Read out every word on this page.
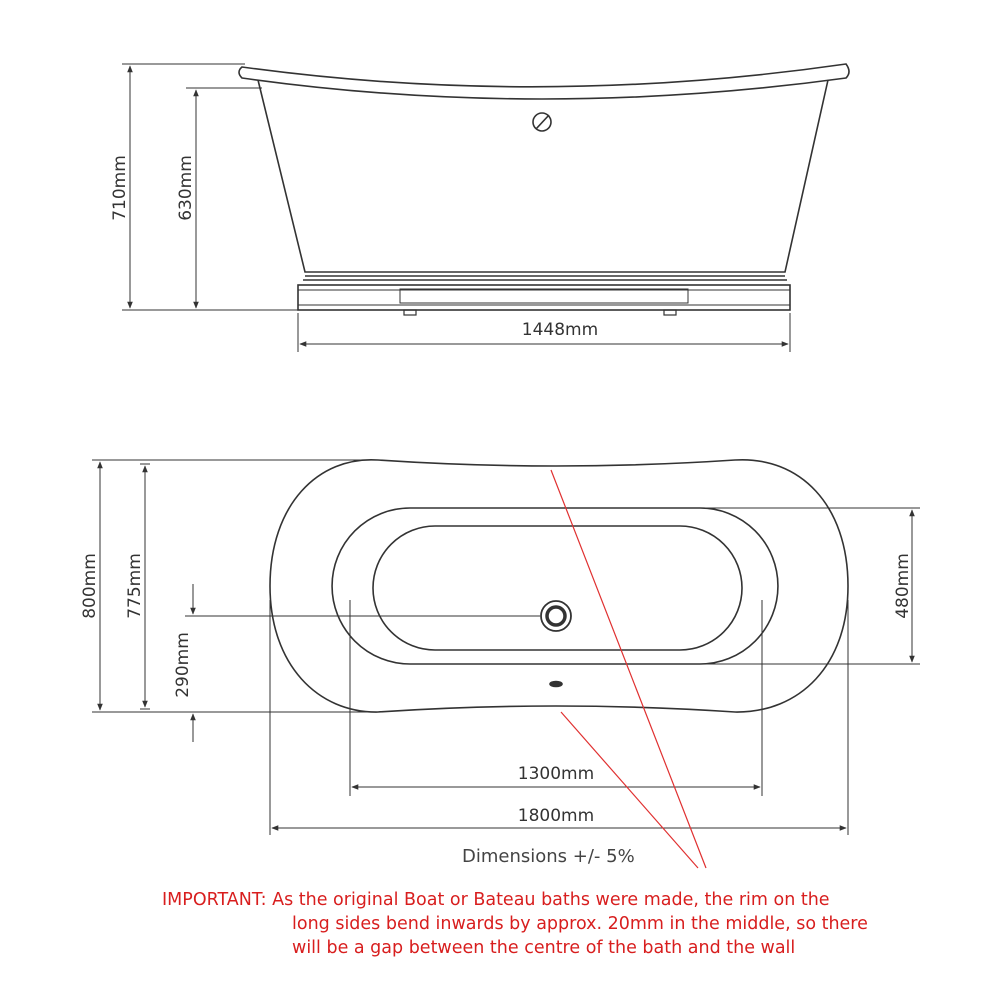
710mm	630mm
1448mm
800mm 775mm	480mm
290mm
1300mm
1800mm

Dimensions +/- 5%

IMPORTANT: As the original Boat or Bateau baths were made, the rim on the

long sides bend inwards by approx. 20mm in the middle, so there

will be a gap between the centre of the bath and the wall
